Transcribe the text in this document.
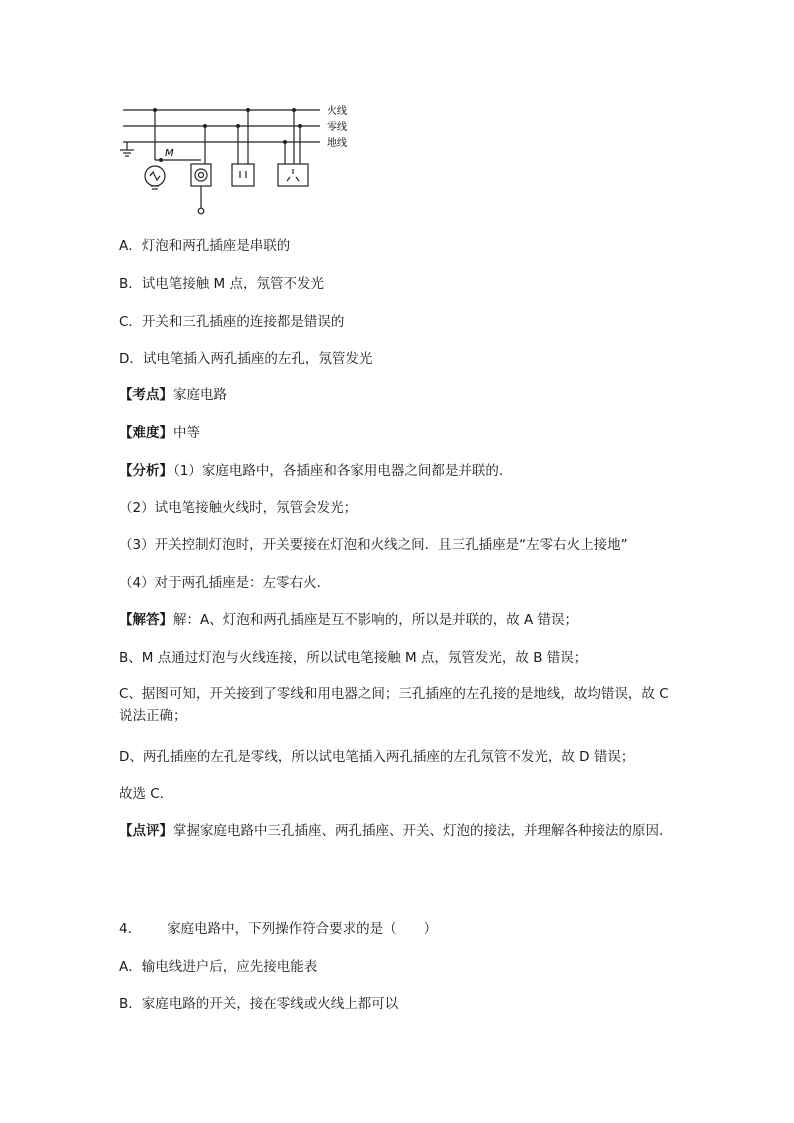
M
火线
零线
地线
A．灯泡和两孔插座是串联的
B．试电笔接触 M 点，氖管不发光
C．开关和三孔插座的连接都是错误的
D．试电笔插入两孔插座的左孔，氖管发光
【考点】家庭电路
【难度】中等
【分析】（1）家庭电路中，各插座和各家用电器之间都是并联的．
（2）试电笔接触火线时，氖管会发光；
（3）开关控制灯泡时，开关要接在灯泡和火线之间．且三孔插座是“左零右火上接地”
（4）对于两孔插座是：左零右火．
【解答】解：A、灯泡和两孔插座是互不影响的，所以是并联的，故 A 错误；
B、M 点通过灯泡与火线连接，所以试电笔接触 M 点，氖管发光，故 B 错误；
C、据图可知，开关接到了零线和用电器之间；三孔插座的左孔接的是地线，故均错误，故 C 说法正确；
D、两孔插座的左孔是零线，所以试电笔插入两孔插座的左孔氖管不发光，故 D 错误；
故选 C．
【点评】掌握家庭电路中三孔插座、两孔插座、开关、灯泡的接法，并理解各种接法的原因．
4． 家庭电路中，下列操作符合要求的是（　　）
A．输电线进户后，应先接电能表
B．家庭电路的开关，接在零线或火线上都可以
